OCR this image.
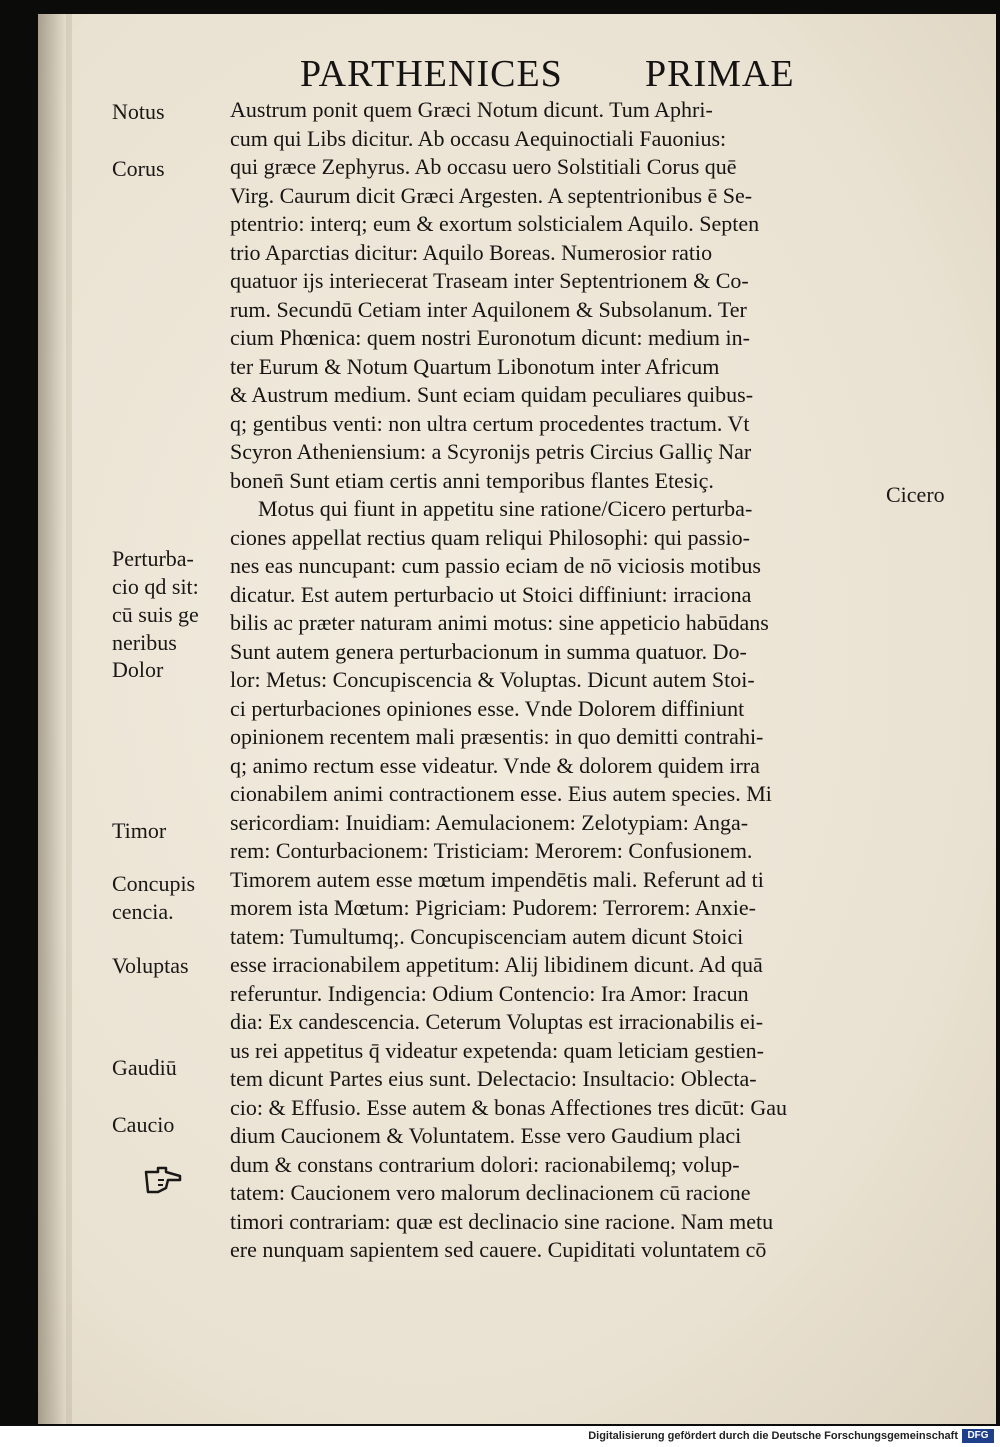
PARTHENICES PRIMAE
Austrum ponit quem Græci Notum dicunt. Tum Aphri-
cum qui Libs dicitur. Ab occasu Aequinoctiali Fauonius:
qui græce Zephyrus. Ab occasu uero Solstitiali Corus quē
Virg. Caurum dicit Græci Argesten. A septentrionibus ē Se-
ptentrio: interq; eum & exortum solsticialem Aquilo. Septen
trio Aparctias dicitur: Aquilo Boreas. Numerosior ratio
quatuor ijs interiecerat Traseam inter Septentrionem & Co-
rum. Secundū Cetiam inter Aquilonem & Subsolanum. Ter
cium Phœnica: quem nostri Euronotum dicunt: medium in-
ter Eurum & Notum Quartum Libonotum inter Africum
& Austrum medium. Sunt eciam quidam peculiares quibus-
q; gentibus venti: non ultra certum procedentes tractum. Vt
Scyron Atheniensium: a Scyronijs petris Circius Galliç Nar
bonen̄ Sunt etiam certis anni temporibus flantes Etesiç.
Motus qui fiunt in appetitu sine ratione/Cicero perturba-
ciones appellat rectius quam reliqui Philosophi: qui passio-
nes eas nuncupant: cum passio eciam de nō viciosis motibus
dicatur. Est autem perturbacio ut Stoici diffiniunt: irraciona
bilis ac præter naturam animi motus: sine appeticio habūdans
Sunt autem genera perturbacionum in summa quatuor. Do-
lor: Metus: Concupiscencia & Voluptas. Dicunt autem Stoi-
ci perturbaciones opiniones esse. Vnde Dolorem diffiniunt
opinionem recentem mali præsentis: in quo demitti contrahi-
q; animo rectum esse videatur. Vnde & dolorem quidem irra
cionabilem animi contractionem esse. Eius autem species. Mi
sericordiam: Inuidiam: Aemulacionem: Zelotypiam: Anga-
rem: Conturbacionem: Tristiciam: Merorem: Confusionem.
Timorem autem esse mœtum impendētis mali. Referunt ad ti
morem ista Mœtum: Pigriciam: Pudorem: Terrorem: Anxie-
tatem: Tumultumq;. Concupiscenciam autem dicunt Stoici
esse irracionabilem appetitum: Alij libidinem dicunt. Ad quā
referuntur. Indigencia: Odium Contencio: Ira Amor: Iracun
dia: Ex candescencia. Ceterum Voluptas est irracionabilis ei-
us rei appetitus q̄ videatur expetenda: quam leticiam gestien-
tem dicunt Partes eius sunt. Delectacio: Insultacio: Oblecta-
cio: & Effusio. Esse autem & bonas Affectiones tres dicūt: Gau
dium Caucionem & Voluntatem. Esse vero Gaudium placi
dum & constans contrarium dolori: racionabilemq; volup-
tatem: Caucionem vero malorum declinacionem cū racione
timori contrariam: quæ est declinacio sine racione. Nam metu
ere nunquam sapientem sed cauere. Cupiditati voluntatem cō
Notus
Corus
Perturba-
cio qd sit:
cū suis ge
neribus
Dolor
Timor
Concupis
cencia.
Voluptas
Gaudiū
Caucio
Cicero
Digitalisierung gefördert durch die Deutsche Forschungsgemeinschaft DFG
